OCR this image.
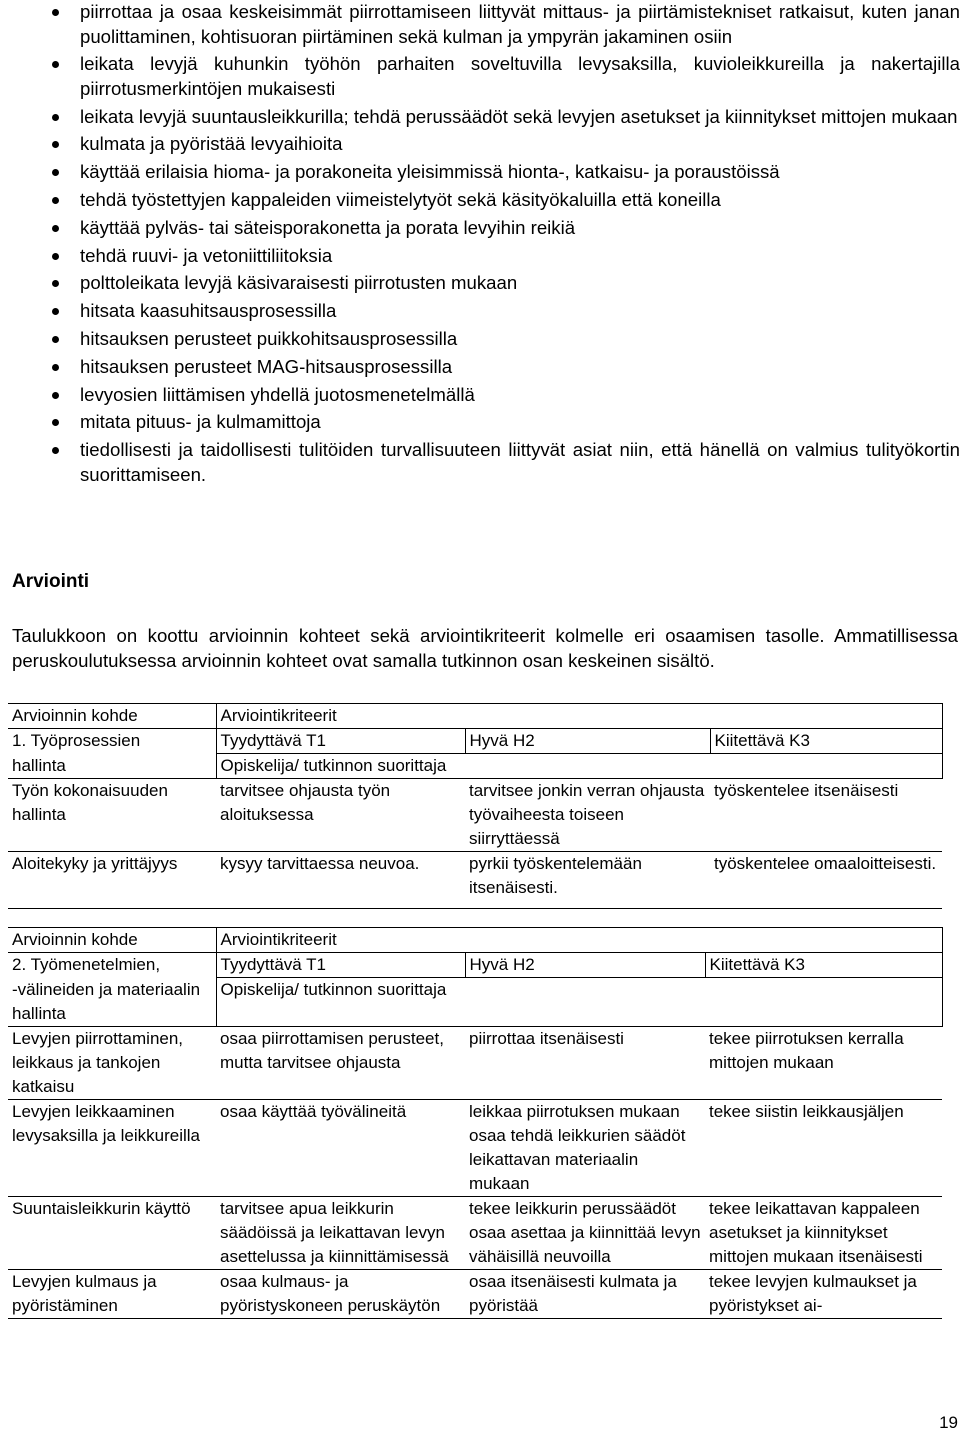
piirrottaa ja osaa keskeisimmät piirrottamiseen liittyvät mittaus- ja piirtämistekniset ratkaisut, kuten janan puolittaminen, kohtisuoran piirtäminen sekä kulman ja ympyrän jakaminen osiin
leikata levyjä kuhunkin työhön parhaiten soveltuvilla levysaksilla, kuvioleikkureilla ja nakertajilla piirrotusmerkintöjen mukaisesti
leikata levyjä suuntausleikkurilla; tehdä perussäädöt sekä levyjen asetukset ja kiinnitykset mittojen mukaan
kulmata ja pyöristää levyaihioita
käyttää erilaisia hioma- ja porakoneita yleisimmissä hionta-, katkaisu- ja poraustöissä
tehdä työstettyjen kappaleiden viimeistelytyöt sekä käsityökaluilla että koneilla
käyttää pylväs- tai säteisporakonetta ja porata levyihin reikiä
tehdä ruuvi- ja vetoniittiliitoksia
polttoleikata levyjä käsivaraisesti piirrotusten mukaan
hitsata kaasuhitsausprosessilla
hitsauksen perusteet puikkohitsausprosessilla
hitsauksen perusteet MAG-hitsausprosessilla
levyosien liittämisen yhdellä juotosmenetelmällä
mitata pituus- ja kulmamittoja
tiedollisesti ja taidollisesti tulitöiden turvallisuuteen liittyvät asiat niin, että hänellä on valmius tulityökortin suorittamiseen.
Arviointi

Taulukkoon on koottu arvioinnin kohteet sekä arviointikriteerit kolmelle eri osaamisen tasolle. Ammatillisessa peruskoulutuksessa arvioinnin kohteet ovat samalla tutkinnon osan keskeinen sisältö.

Arvioinnin kohde	Arviointikriteerit		
1. Työprosessien	Tyydyttävä T1	Hyvä H2	Kiitettävä K3
hallinta	Opiskelija/ tutkinnon suorittaja		
Työn kokonaisuuden hallinta	tarvitsee ohjausta työn aloituksessa	tarvitsee jonkin verran ohjausta työvaiheesta toiseen siirryttäessä	työskentelee itsenäisesti
Aloitekyky ja yrittäjyys	kysyy tarvittaessa neuvoa.	pyrkii työskentelemään itsenäisesti.	työskentelee omaaloitteisesti.
Arvioinnin kohde	Arviointikriteerit		
2. Työmenetelmien,	Tyydyttävä T1	Hyvä H2	Kiitettävä K3
-välineiden ja materiaalin hallinta	Opiskelija/ tutkinnon suorittaja		
Levyjen piirrottaminen, leikkaus ja tankojen katkaisu	osaa piirrottamisen perusteet, mutta tarvitsee ohjausta	piirrottaa itsenäisesti	tekee piirrotuksen kerralla mittojen mukaan
Levyjen leikkaaminen levysaksilla ja leikkureilla	osaa käyttää työvälineitä	leikkaa piirrotuksen mukaan osaa tehdä leikkurien säädöt leikattavan materiaalin mukaan	tekee siistin leikkausjäljen
Suuntaisleikkurin käyttö	tarvitsee apua leikkurin säädöissä ja leikattavan levyn asettelussa ja kiinnittämisessä	tekee leikkurin perussäädöt osaa asettaa ja kiinnittää levyn vähäisillä neuvoilla	tekee leikattavan kappaleen asetukset ja kiinnitykset mittojen mukaan itsenäisesti
Levyjen kulmaus ja pyöristäminen	osaa kulmaus- ja pyöristyskoneen peruskäytön	osaa itsenäisesti kulmata ja pyöristää	tekee levyjen kulmaukset ja pyöristykset ai-
19
